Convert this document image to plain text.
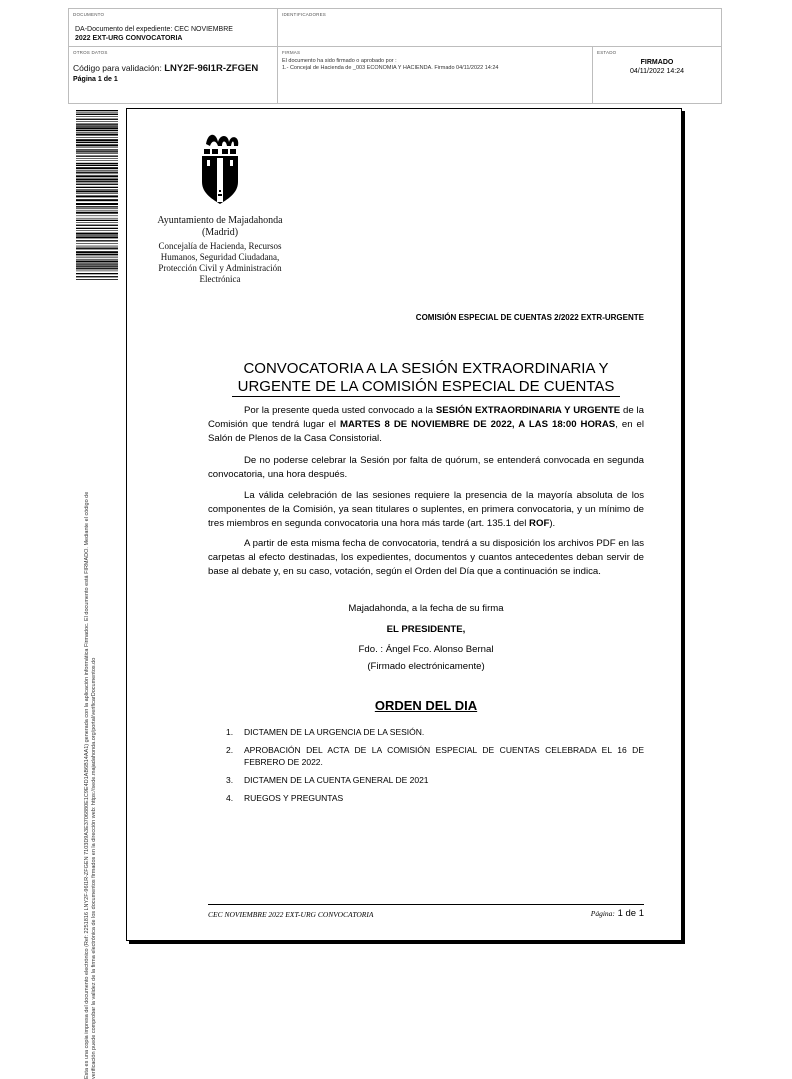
DOCUMENTO
DA-Documento del expediente: CEC NOVIEMBRE
2022 EXT-URG CONVOCATORIA
IDENTIFICADORES
OTROS DATOS
Código para validación: LNY2F-96I1R-ZFGEN
Página 1 de 1
FIRMAS
El documento ha sido firmado o aprobado por :
1.- Concejal de Hacienda de _003 ECONOMIA Y HACIENDA. Firmado 04/11/2022 14:24
ESTADO
FIRMADO
04/11/2022 14:24
Esta es una copia impresa del documento electrónico (Ref: 2251816 LNY2F-96I1R-ZFGEN 7103D9A3E3706880E1C9E4D1AB6B14AA1) generada con la aplicación informática Firmadoc. El documento está FIRMADO. Mediante el código de verificación puede comprobar la validez de la firma electrónica de los documentos firmados en la dirección web: https://sede.majadahonda.org/portal/verificarDocumentos.do
Ayuntamiento de Majadahonda
(Madrid)
Concejalía de Hacienda, Recursos
Humanos, Seguridad Ciudadana,
Protección Civil y Administración
Electrónica
COMISIÓN ESPECIAL DE CUENTAS 2/2022 EXTR-URGENTE
CONVOCATORIA A LA SESIÓN EXTRAORDINARIA Y
URGENTE DE LA COMISIÓN ESPECIAL DE CUENTAS
Por la presente queda usted convocado a la SESIÓN EXTRAORDINARIA Y URGENTE de la Comisión que tendrá lugar el MARTES 8 DE NOVIEMBRE DE 2022, A LAS 18:00 HORAS, en el Salón de Plenos de la Casa Consistorial.
De no poderse celebrar la Sesión por falta de quórum, se entenderá convocada en segunda convocatoria, una hora después.
La válida celebración de las sesiones requiere la presencia de la mayoría absoluta de los componentes de la Comisión, ya sean titulares o suplentes, en primera convocatoria, y un mínimo de tres miembros en segunda convocatoria una hora más tarde (art. 135.1 del ROF).
A partir de esta misma fecha de convocatoria, tendrá a su disposición los archivos PDF en las carpetas al efecto destinadas, los expedientes, documentos y cuantos antecedentes deban servir de base al debate y, en su caso, votación, según el Orden del Día que a continuación se indica.
Majadahonda, a la fecha de su firma
EL PRESIDENTE,
Fdo. : Ángel Fco. Alonso Bernal
(Firmado electrónicamente)
ORDEN DEL DIA
1. DICTAMEN DE LA URGENCIA DE LA SESIÓN.
2. APROBACIÓN DEL ACTA DE LA COMISIÓN ESPECIAL DE CUENTAS CELEBRADA EL 16 DE FEBRERO DE 2022.
3. DICTAMEN DE LA CUENTA GENERAL DE 2021
4. RUEGOS Y PREGUNTAS
CEC NOVIEMBRE 2022 EXT-URG CONVOCATORIA	Página: 1 de 1
